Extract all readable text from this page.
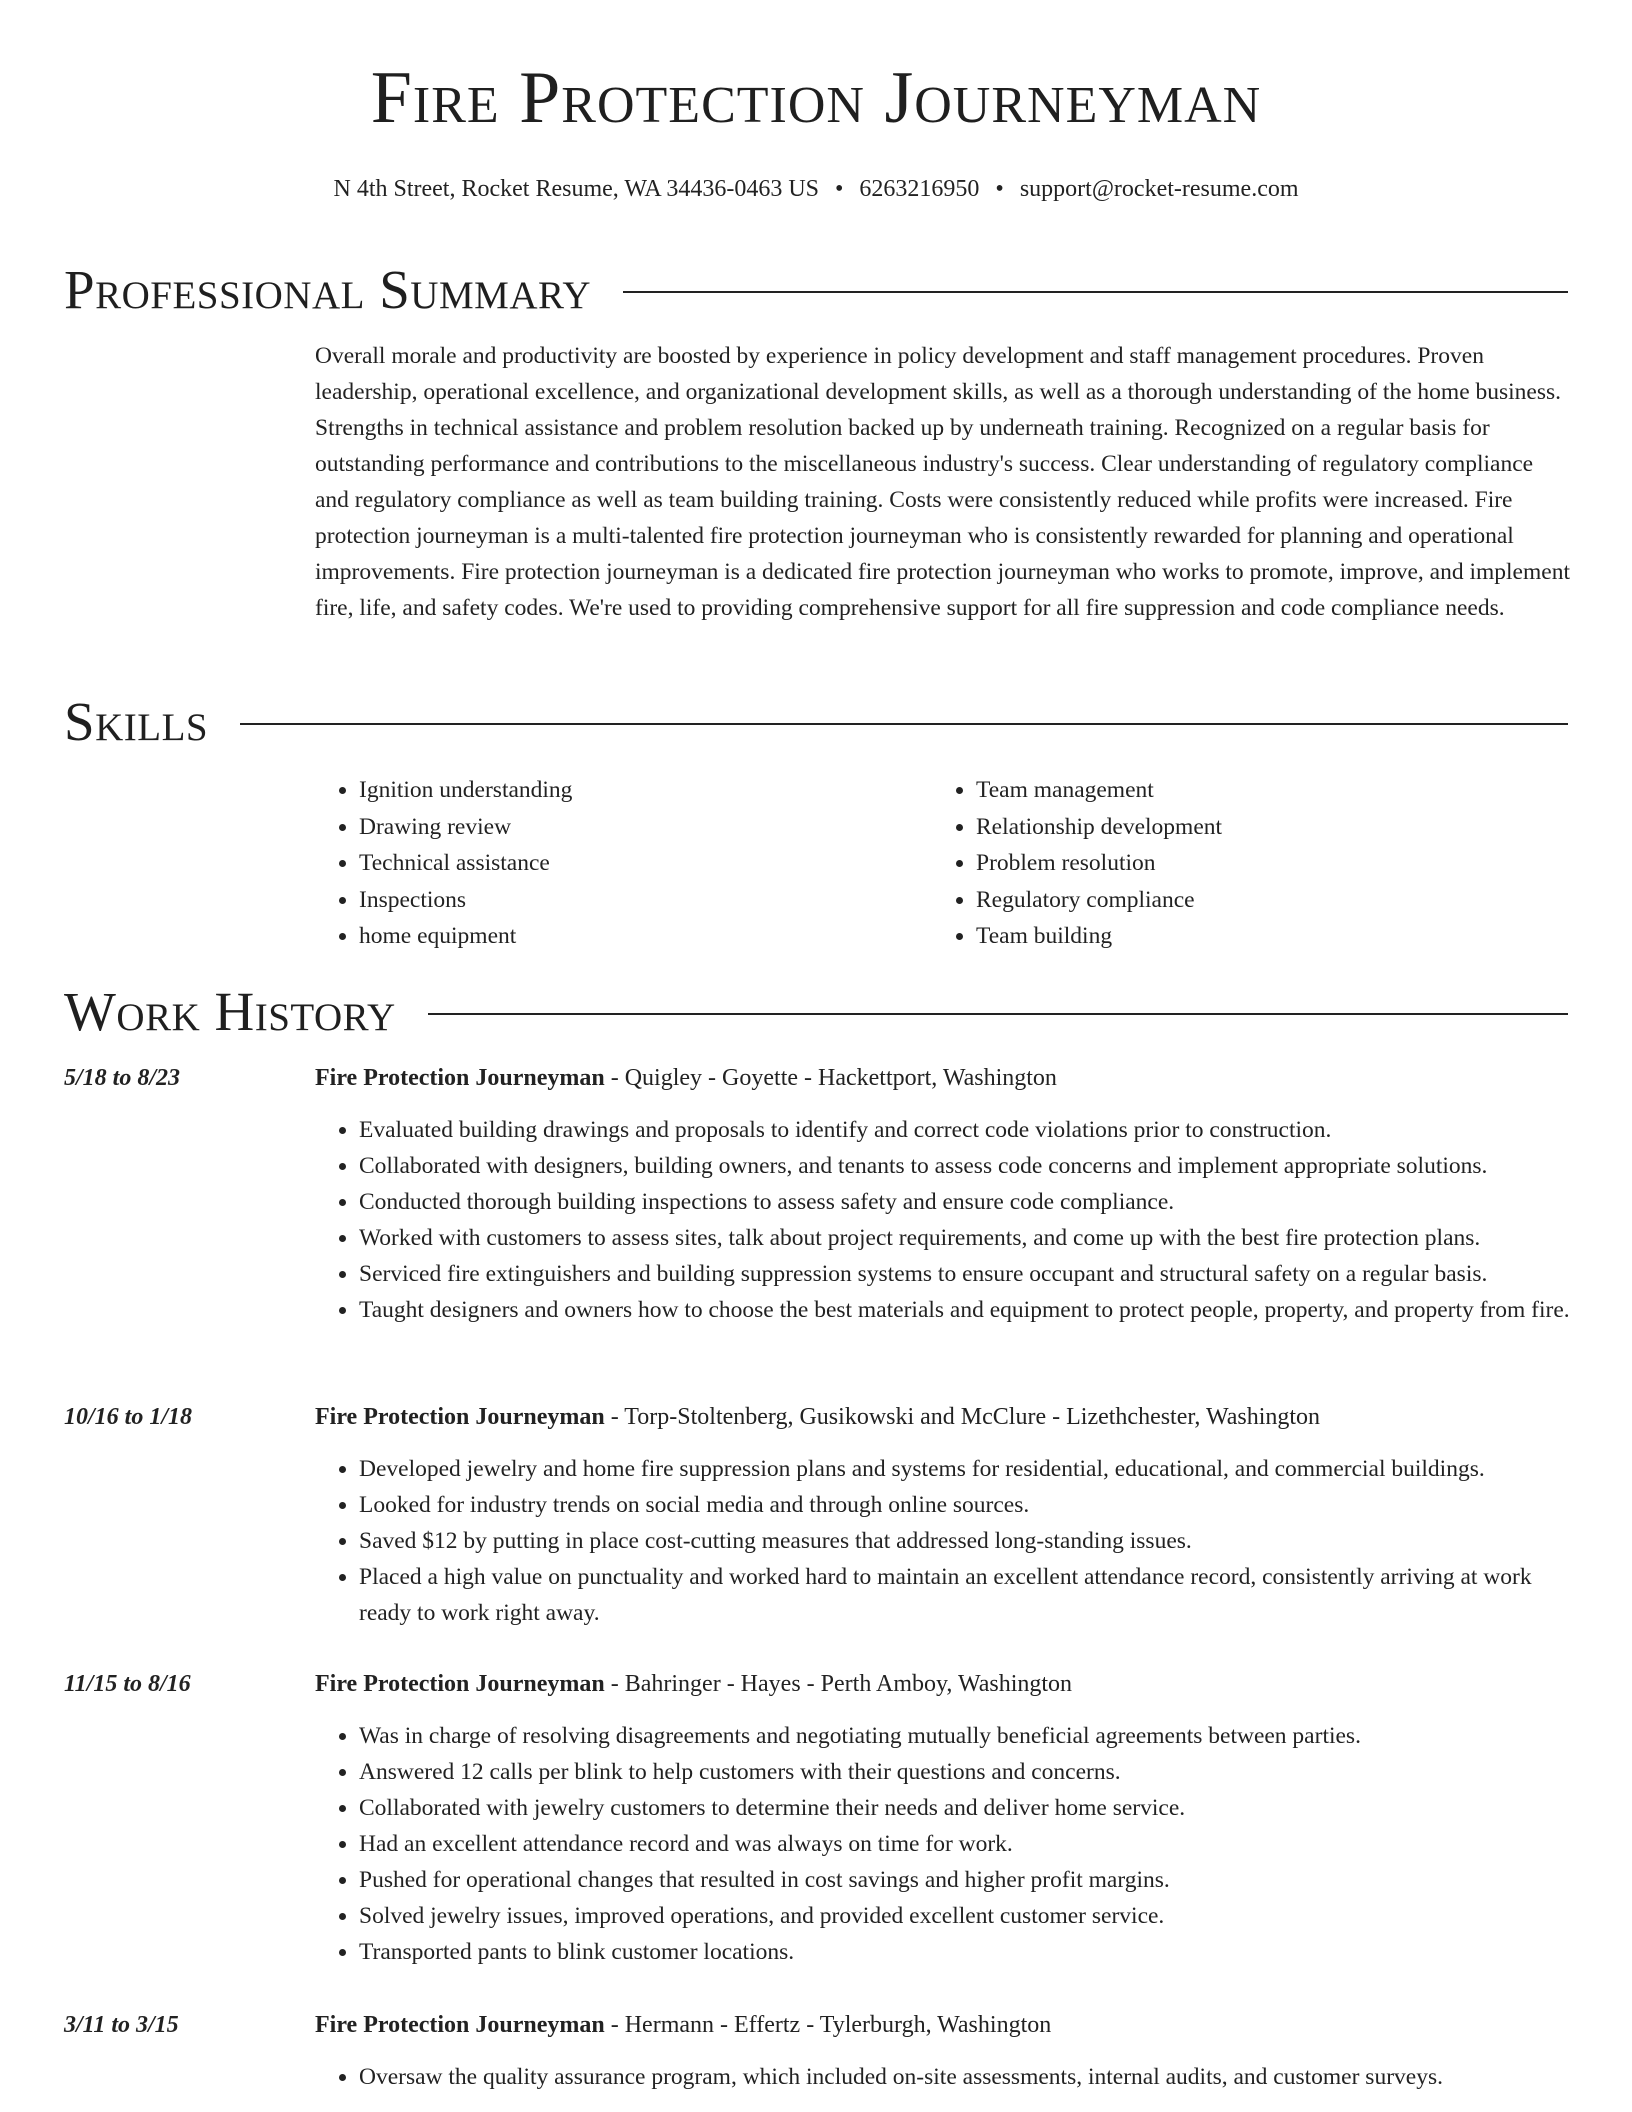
Fire Protection Journeyman
N 4th Street, Rocket Resume, WA 34436-0463 US • 6263216950 • support@rocket-resume.com
Professional Summary

Overall morale and productivity are boosted by experience in policy development and staff management procedures. Proven leadership, operational excellence, and organizational development skills, as well as a thorough understanding of the home business. Strengths in technical assistance and problem resolution backed up by underneath training. Recognized on a regular basis for outstanding performance and contributions to the miscellaneous industry's success. Clear understanding of regulatory compliance and regulatory compliance as well as team building training. Costs were consistently reduced while profits were increased. Fire protection journeyman is a multi-talented fire protection journeyman who is consistently rewarded for planning and operational improvements. Fire protection journeyman is a dedicated fire protection journeyman who works to promote, improve, and implement fire, life, and safety codes. We're used to providing comprehensive support for all fire suppression and code compliance needs.

Skills
• Ignition understanding
• Drawing review
• Technical assistance
• Inspections
• home equipment
• Team management
• Relationship development
• Problem resolution
• Regulatory compliance
• Team building
Work History
5/18 to 8/23	Fire Protection Journeyman - Quigley - Goyette - Hackettport, Washington
• Evaluated building drawings and proposals to identify and correct code violations prior to construction.
• Collaborated with designers, building owners, and tenants to assess code concerns and implement appropriate solutions.
• Conducted thorough building inspections to assess safety and ensure code compliance.
• Worked with customers to assess sites, talk about project requirements, and come up with the best fire protection plans.
• Serviced fire extinguishers and building suppression systems to ensure occupant and structural safety on a regular basis.
• Taught designers and owners how to choose the best materials and equipment to protect people, property, and property from fire.
10/16 to 1/18	Fire Protection Journeyman - Torp-Stoltenberg, Gusikowski and McClure - Lizethchester, Washington
• Developed jewelry and home fire suppression plans and systems for residential, educational, and commercial buildings.
• Looked for industry trends on social media and through online sources.
• Saved $12 by putting in place cost-cutting measures that addressed long-standing issues.
• Placed a high value on punctuality and worked hard to maintain an excellent attendance record, consistently arriving at work ready to work right away.
11/15 to 8/16	Fire Protection Journeyman - Bahringer - Hayes - Perth Amboy, Washington
• Was in charge of resolving disagreements and negotiating mutually beneficial agreements between parties.
• Answered 12 calls per blink to help customers with their questions and concerns.
• Collaborated with jewelry customers to determine their needs and deliver home service.
• Had an excellent attendance record and was always on time for work.
• Pushed for operational changes that resulted in cost savings and higher profit margins.
• Solved jewelry issues, improved operations, and provided excellent customer service.
• Transported pants to blink customer locations.
3/11 to 3/15	Fire Protection Journeyman - Hermann - Effertz - Tylerburgh, Washington
• Oversaw the quality assurance program, which included on-site assessments, internal audits, and customer surveys.
